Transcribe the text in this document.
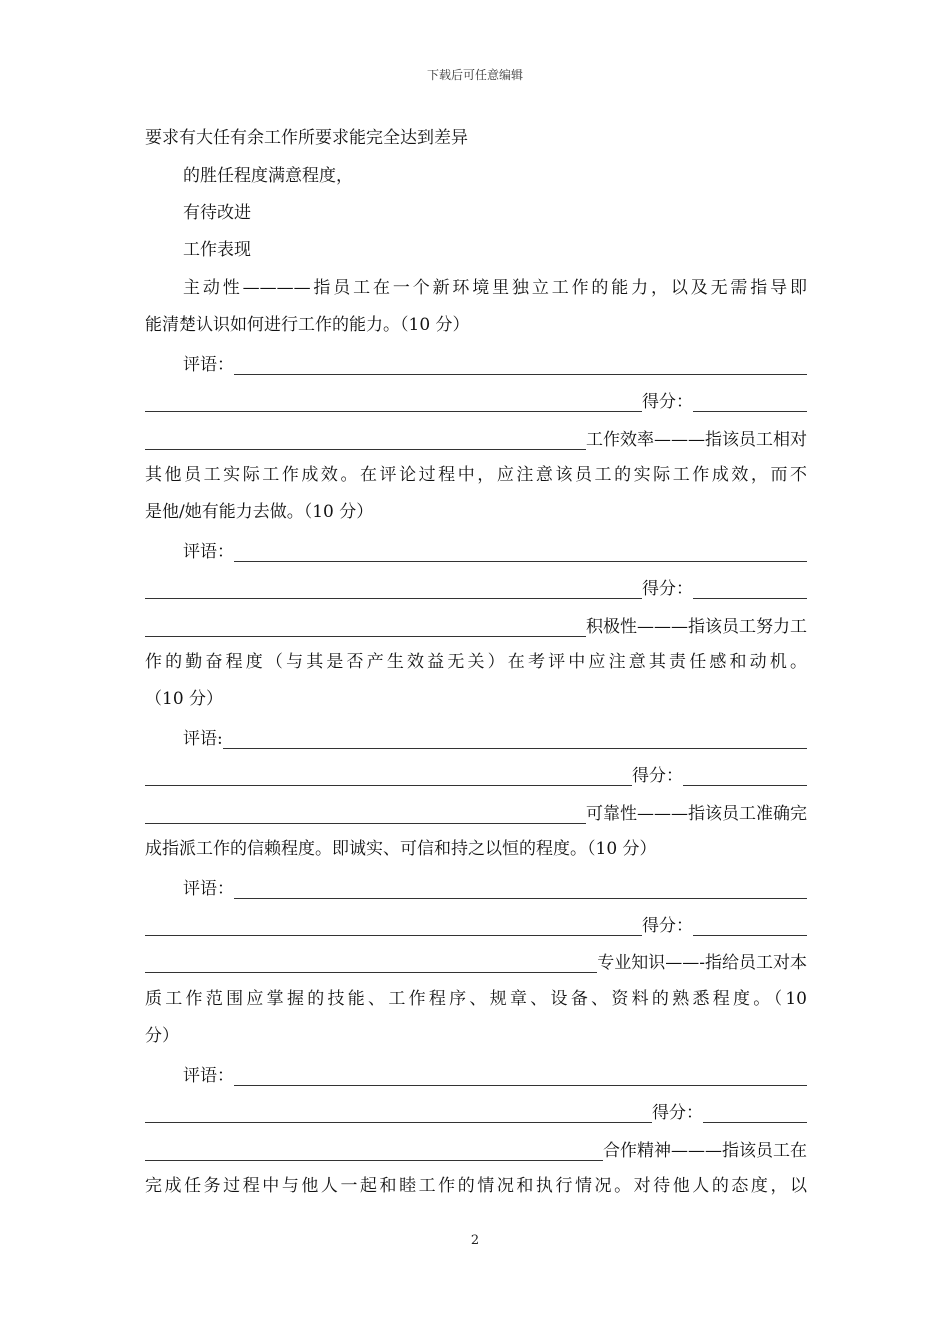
下载后可任意编辑
要求有大任有余工作所要求能完全达到差异
的胜任程度满意程度，
有待改进
工作表现
主动性————指员工在一个新环境里独立工作的能力，以及无需指导即
能清楚认识如何进行工作的能力。（10 分）
评语：
得分：
工作效率———指该员工相对
其他员工实际工作成效。在评论过程中，应注意该员工的实际工作成效，而不
是他/她有能力去做。（10 分）
评语：
得分：
积极性———指该员工努力工
作的勤奋程度（与其是否产生效益无关）在考评中应注意其责任感和动机。
（10 分）
评语:
得分：
可靠性———指该员工准确完
成指派工作的信赖程度。即诚实、可信和持之以恒的程度。（10 分）
评语：
得分：
专业知识——-指给员工对本
质工作范围应掌握的技能、工作程序、规章、设备、资料的熟悉程度。（10
分）
评语：
得分：
合作精神———指该员工在
完成任务过程中与他人一起和睦工作的情况和执行情况。对待他人的态度，以
2
